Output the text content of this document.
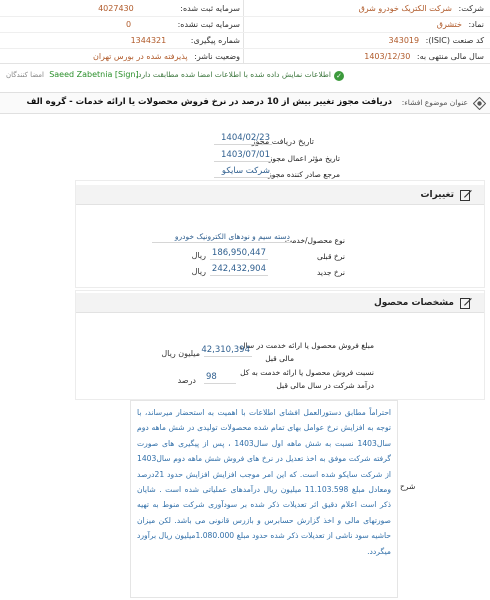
شرکت: شرکت الکتریک خودرو شرق
نماد: ختشرق
کد صنعت (ISIC): 343019
سال مالی منتهی به: 1403/12/30
سرمایه ثبت شده: 4027430
سرمایه ثبت نشده: 0
شماره پیگیری: 1344321
وضعیت ناشر: پذیرفته شده در بورس تهران
✓اطلاعات نمایش داده شده با اطلاعات امضا شده مطابقت دارد.
Saeed Zabetnia [Sign] امضا کنندگان
عنوان موضوع افشاء:
دریافت مجوز تغییر بیش از 10 درصد در نرخ فروش محصولات یا ارائه خدمات - گروه الف
تاریخ دریافت مجوز
1404/02/23
تاریخ مؤثر اعمال مجوز
1403/07/01
مرجع صادر کننده مجوز
شرکت سایکو
تغییرات
نوع محصول/خدمت
دسته سیم و نودهای الکترونیک خودرو
نرخ قبلی
186,950,447
ریال
نرخ جدید
242,432,904
ریال
مشخصات محصول
مبلغ فروش محصول یا ارائه خدمت در سال
مالی قبل
42,310,394
میلیون ریال
نسبت فروش محصول یا ارائه خدمت به کل
درآمد شرکت در سال مالی قبل
98
درصد
شرح
احتراماً مطابق دستورالعمل افشای اطلاعات با اهمیت به استحضار میرساند، با توجه به افزایش نرخ عوامل بهای تمام شده محصولات تولیدی در شش ماهه دوم سال1403 نسبت به شش ماهه اول سال1403 ، پس از پیگیری های صورت گرفته شرکت موفق به اخذ تعدیل در نرخ های فروش شش ماهه دوم سال1403 از شرکت سایکو شده است. که این امر موجب افزایش افزایش حدود 21درصد ومعادل مبلغ 11.103.598 میلیون ریال درآمدهای عملیاتی شده است . شایان ذکر است اعلام دقیق اثر تعدیلات ذکر شده بر سودآوری شرکت منوط به تهیه صورتهای مالی و اخذ گزارش حسابرس و بازرس قانونی می باشد. لکن میزان حاشیه سود ناشی از تعدیلات ذکر شده حدود مبلغ 1.080.000میلیون ریال برآورد میگردد.
